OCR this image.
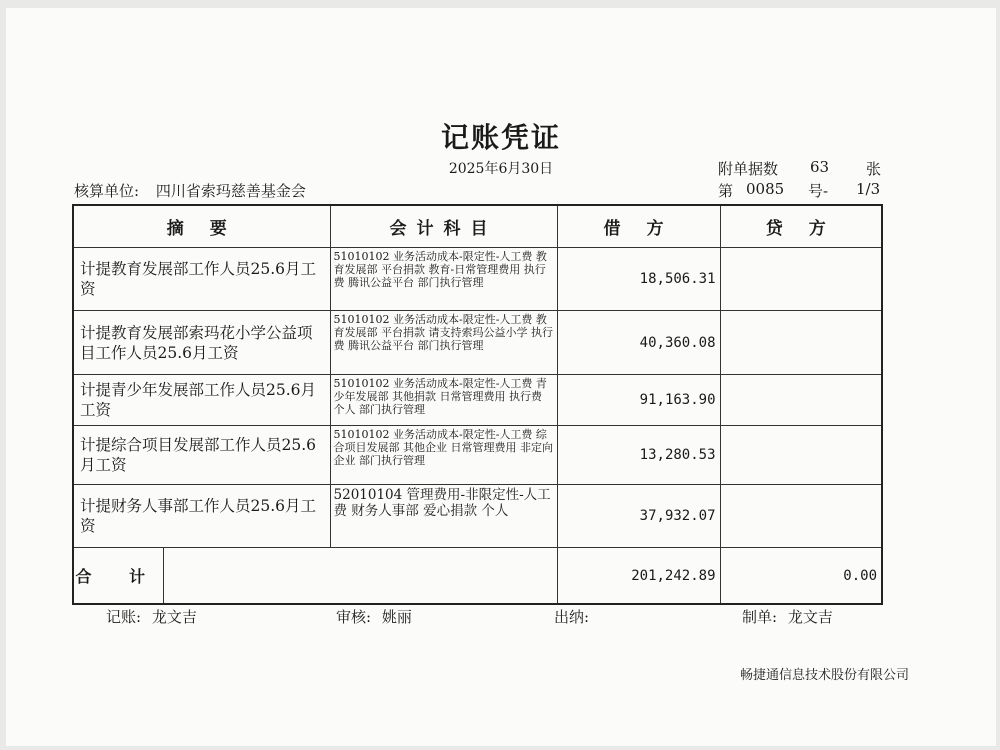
记账凭证
2025年6月30日
核算单位: 四川省索玛慈善基金会
附单据数 63 张
第 0085 号- 1/3
摘 要		会计科目	借 方	贷 方
计提教育发展部工作人员25.6月工资		51010102 业务活动成本-限定性-人工费 教育发展部 平台捐款 教育-日常管理费用 执行费 腾讯公益平台 部门执行管理	18,506.31	
计提教育发展部索玛花小学公益项目工作人员25.6月工资		51010102 业务活动成本-限定性-人工费 教育发展部 平台捐款 请支持索玛公益小学 执行费 腾讯公益平台 部门执行管理	40,360.08	
计提青少年发展部工作人员25.6月工资		51010102 业务活动成本-限定性-人工费 青少年发展部 其他捐款 日常管理费用 执行费 个人 部门执行管理	91,163.90	
计提综合项目发展部工作人员25.6月工资		51010102 业务活动成本-限定性-人工费 综合项目发展部 其他企业 日常管理费用 非定向 企业 部门执行管理	13,280.53	
计提财务人事部工作人员25.6月工资		52010104 管理费用-非限定性-人工费 财务人事部 爱心捐款 个人	37,932.07	
合 计			201,242.89	0.00
记账: 龙文吉	审核: 姚丽	出纳:	制单: 龙文吉
畅捷通信息技术股份有限公司
